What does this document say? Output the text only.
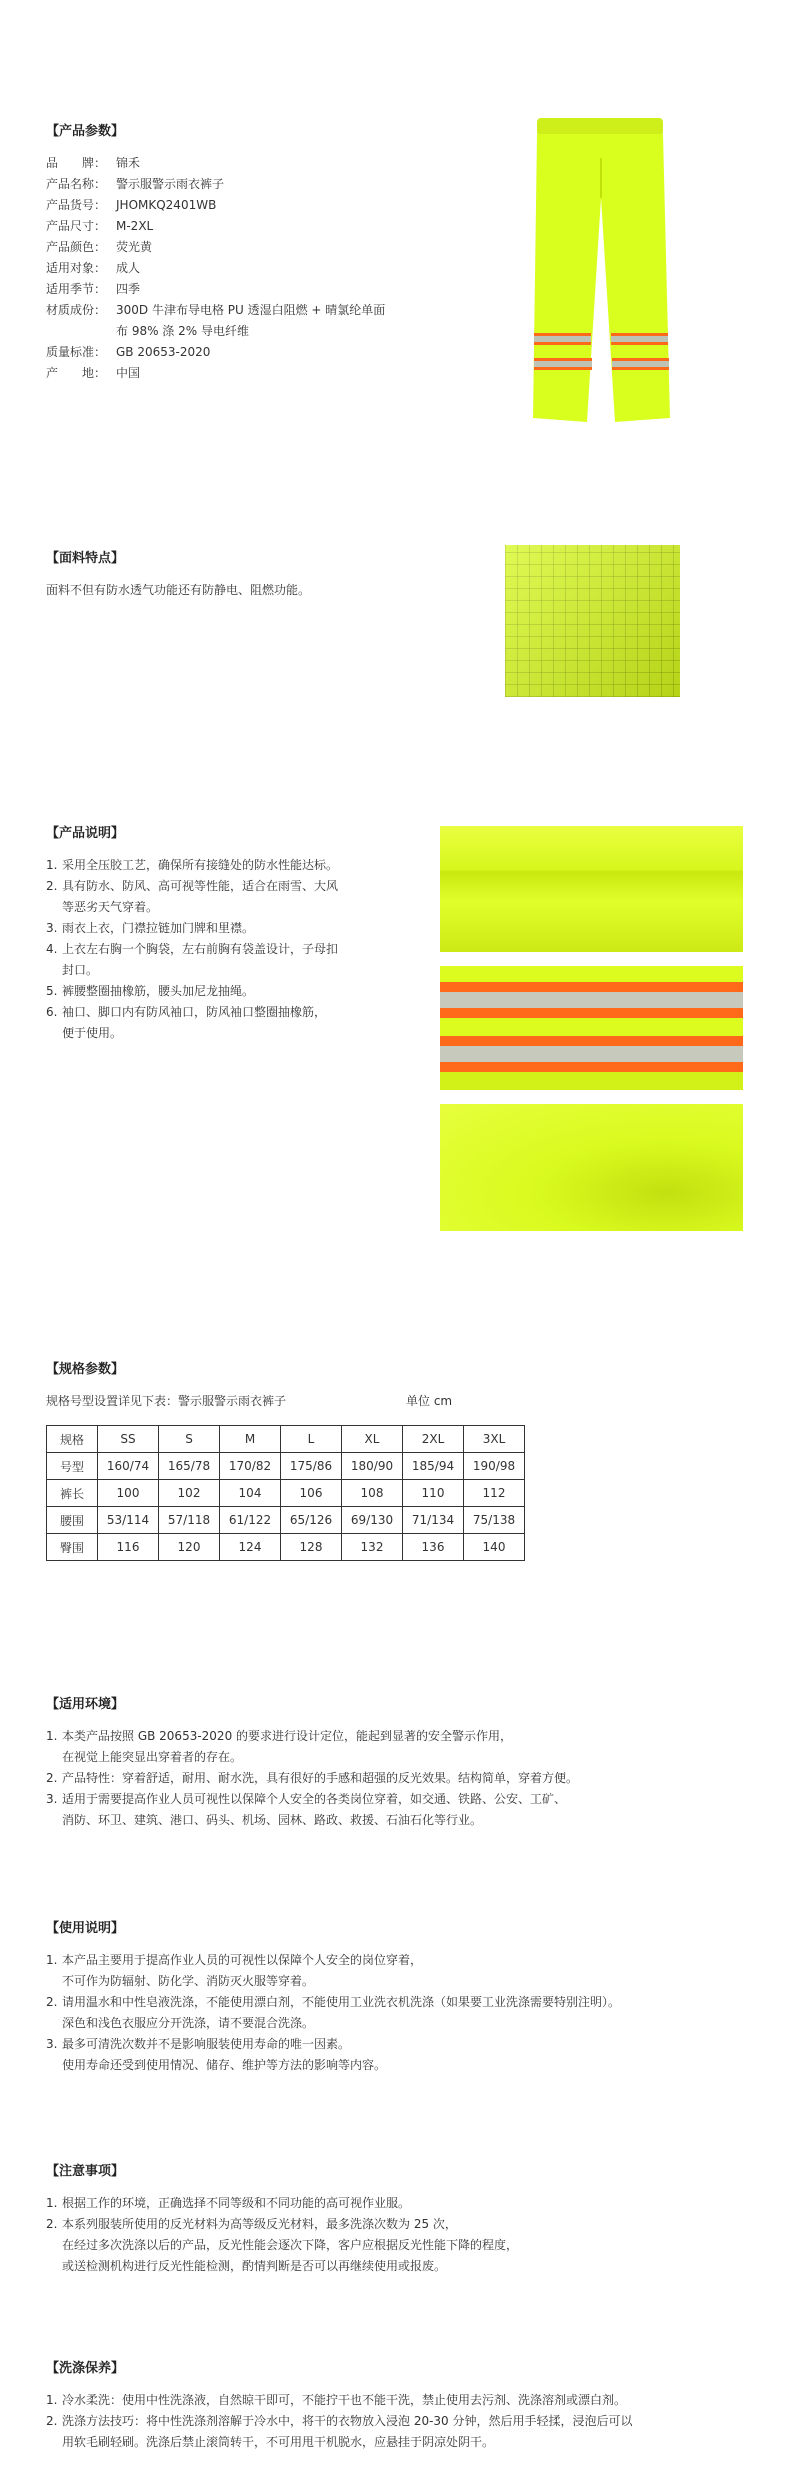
【产品参数】
品　　牌： 锦禾
产品名称： 警示服警示雨衣裤子
产品货号： JHOMKQ2401WB
产品尺寸： M-2XL
产品颜色： 荧光黄
适用对象： 成人
适用季节： 四季
材质成份： 300D 牛津布导电格 PU 透湿白阻燃 + 晴氯纶单面布 98% 涤 2% 导电纤维
质量标准： GB 20653-2020
产　　地： 中国
【面料特点】

面料不但有防水透气功能还有防静电、阻燃功能。

【产品说明】
1. 采用全压胶工艺，确保所有接缝处的防水性能达标。
2. 具有防水、防风、高可视等性能，适合在雨雪、大风
等恶劣天气穿着。
3. 雨衣上衣，门襟拉链加门牌和里襟。
4. 上衣左右胸一个胸袋，左右前胸有袋盖设计，子母扣
封口。
5. 裤腰整圈抽橡筋，腰头加尼龙抽绳。
6. 袖口、脚口内有防风袖口，防风袖口整圈抽橡筋，
便于使用。
【规格参数】
规格号型设置详见下表：警示服警示雨衣裤子	单位 cm
规格	SS	S	M	L	XL	2XL	3XL
号型	160/74	165/78	170/82	175/86	180/90	185/94	190/98
裤长	100	102	104	106	108	110	112
腰围	53/114	57/118	61/122	65/126	69/130	71/134	75/138
臀围	116	120	124	128	132	136	140
【适用环境】
1. 本类产品按照 GB 20653-2020 的要求进行设计定位，能起到显著的安全警示作用，
在视觉上能突显出穿着者的存在。
2. 产品特性：穿着舒适，耐用、耐水洗，具有很好的手感和超强的反光效果。结构简单，穿着方便。
3. 适用于需要提高作业人员可视性以保障个人安全的各类岗位穿着，如交通、铁路、公安、工矿、
消防、环卫、建筑、港口、码头、机场、园林、路政、救援、石油石化等行业。
【使用说明】
1. 本产品主要用于提高作业人员的可视性以保障个人安全的岗位穿着，
不可作为防辐射、防化学、消防灭火服等穿着。
2. 请用温水和中性皂液洗涤，不能使用漂白剂，不能使用工业洗衣机洗涤（如果要工业洗涤需要特别注明）。
深色和浅色衣服应分开洗涤，请不要混合洗涤。
3. 最多可清洗次数并不是影响服装使用寿命的唯一因素。
使用寿命还受到使用情况、储存、维护等方法的影响等内容。
【注意事项】
1. 根据工作的环境，正确选择不同等级和不同功能的高可视作业服。
2. 本系列服装所使用的反光材料为高等级反光材料，最多洗涤次数为 25 次，
在经过多次洗涤以后的产品，反光性能会逐次下降，客户应根据反光性能下降的程度，
或送检测机构进行反光性能检测，酌情判断是否可以再继续使用或报废。
【洗涤保养】
1. 冷水柔洗：使用中性洗涤液，自然晾干即可，不能拧干也不能干洗，禁止使用去污剂、洗涤溶剂或漂白剂。
2. 洗涤方法技巧：将中性洗涤剂溶解于冷水中，将干的衣物放入浸泡 20-30 分钟，然后用手轻揉，浸泡后可以
用软毛刷轻刷。洗涤后禁止滚筒转干，不可用甩干机脱水，应悬挂于阴凉处阴干。
